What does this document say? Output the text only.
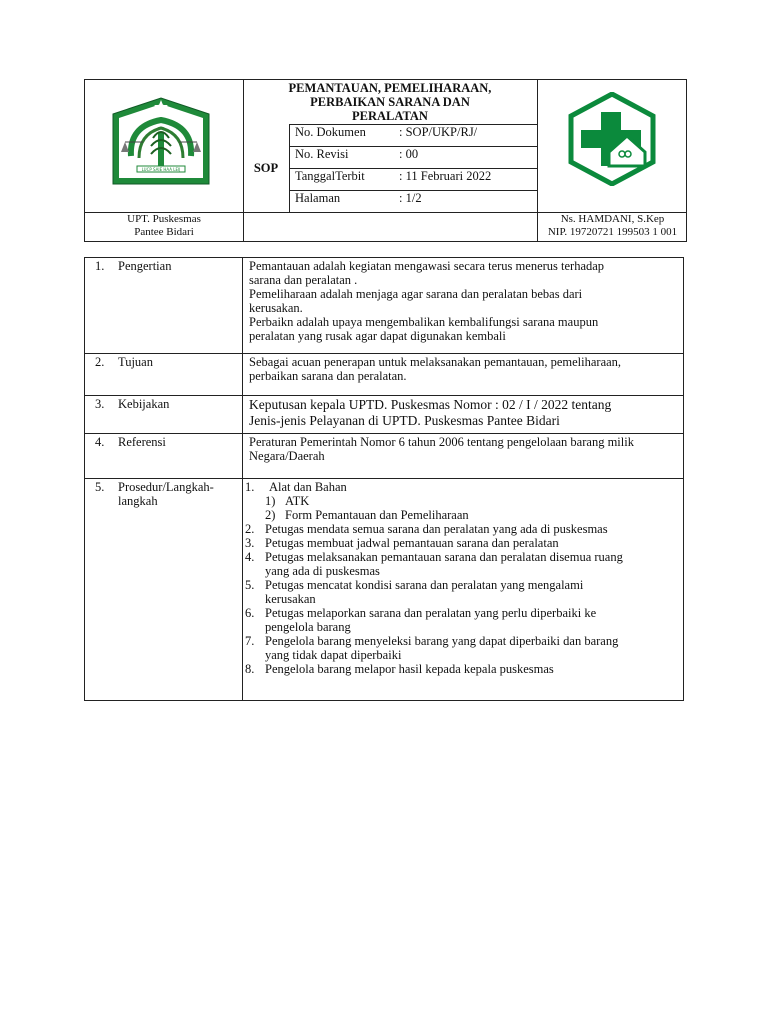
LUCP SAIE HAA LEIJ
PEMANTAUAN, PEMELIHARAAN,
PERBAIKAN SARANA DAN
PERALATAN
SOP
No. Dokumen	: SOP/UKP/RJ/
No. Revisi	: 00
TanggalTerbit	: 11 Februari 2022
Halaman	: 1/2
UPT. Puskesmas
Pantee Bidari
Ns. HAMDANI, S.Kep
NIP. 19720721 199503 1 001
1. Pengertian	Pemantauan adalah kegiatan mengawasi secara terus menerus terhadap

sarana dan peralatan .

Pemeliharaan adalah menjaga agar sarana dan peralatan bebas dari

kerusakan.

Perbaikn adalah upaya mengembalikan kembalifungsi sarana maupun

peralatan yang rusak agar dapat digunakan kembali

2. Tujuan	Sebagai acuan penerapan untuk melaksanakan pemantauan, pemeliharaan,

perbaikan sarana dan peralatan.

3. Kebijakan	Keputusan kepala UPTD. Puskesmas Nomor : 02 / I / 2022 tentang

Jenis-jenis Pelayanan di UPTD. Puskesmas Pantee Bidari

4. Referensi	Peraturan Pemerintah Nomor 6 tahun 2006 tentang pengelolaan barang milik

Negara/Daerah

5. Prosedur/Langkah-
langkah
1.	Alat dan Bahan
1) ATK
2) Form Pemantauan dan Pemeliharaan
2. Petugas mendata semua sarana dan peralatan yang ada di puskesmas
3. Petugas membuat jadwal pemantauan sarana dan peralatan
4. Petugas melaksanakan pemantauan sarana dan peralatan disemua ruang
yang ada di puskesmas
5. Petugas mencatat kondisi sarana dan peralatan yang mengalami
kerusakan
6. Petugas melaporkan sarana dan peralatan yang perlu diperbaiki ke
pengelola barang
7. Pengelola barang menyeleksi barang yang dapat diperbaiki dan barang
yang tidak dapat diperbaiki
8. Pengelola barang melapor hasil kepada kepala puskesmas
